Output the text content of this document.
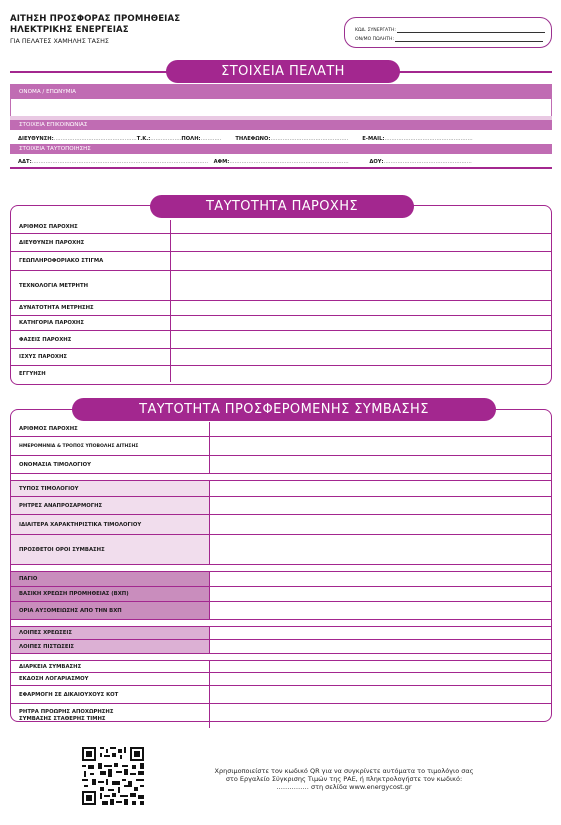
ΑΙΤΗΣΗ ΠΡΟΣΦΟΡΑΣ ΠΡΟΜΗΘΕΙΑΣ
ΗΛΕΚΤΡΙΚΗΣ ΕΝΕΡΓΕΙΑΣ
ΓΙΑ ΠΕΛΑΤΕΣ ΧΑΜΗΛΗΣ ΤΑΣΗΣ
ΚΩΔ. ΣΥΝΕΡΓΑΤΗ:
ΟΝ/ΜΟ ΠΩΛΗΤΗ:
ΣΤΟΙΧΕΙΑ ΠΕΛΑΤΗ
ΟΝΟΜΑ / ΕΠΩΝΥΜΙΑ
ΣΤΟΙΧΕΙΑ ΕΠΙΚΟΙΝΩΝΙΑΣ
ΔΙΕΥΘΥΝΣΗ: ………………………………………… Τ.Κ.: ……………… ΠΟΛΗ: …………	ΤΗΛΕΦΩΝΟ: ………………………………………	E-MAIL: ……………………………………………
ΣΤΟΙΧΕΙΑ ΤΑΥΤΟΠΟΙΗΣΗΣ
ΑΔΤ: ………………………………………………………………………………………… ΑΦΜ: ……………………………………………………………	ΔΟΥ: ……………………………………………
ΤΑΥΤΟΤΗΤΑ ΠΑΡΟΧΗΣ
ΑΡΙΘΜΟΣ ΠΑΡΟΧΗΣ
ΔΙΕΥΘΥΝΣΗ ΠΑΡΟΧΗΣ
ΓΕΩΠΛΗΡΟΦΟΡΙΑΚΟ ΣΤΙΓΜΑ
ΤΕΧΝΟΛΟΓΙΑ ΜΕΤΡΗΤΗ
ΔΥΝΑΤΟΤΗΤΑ ΜΕΤΡΗΣΗΣ
ΚΑΤΗΓΟΡΙΑ ΠΑΡΟΧΗΣ
ΦΑΣΕΙΣ ΠΑΡΟΧΗΣ
ΙΣΧΥΣ ΠΑΡΟΧΗΣ
ΕΓΓΥΗΣΗ
ΤΑΥΤΟΤΗΤΑ ΠΡΟΣΦΕΡΟΜΕΝΗΣ ΣΥΜΒΑΣΗΣ
ΑΡΙΘΜΟΣ ΠΑΡΟΧΗΣ
ΗΜΕΡΟΜΗΝΙΑ & ΤΡΟΠΟΣ ΥΠΟΒΟΛΗΣ ΑΙΤΗΣΗΣ
ΟΝΟΜΑΣΙΑ ΤΙΜΟΛΟΓΙΟΥ
ΤΥΠΟΣ ΤΙΜΟΛΟΓΙΟΥ
ΡΗΤΡΕΣ ΑΝΑΠΡΟΣΑΡΜΟΓΗΣ
ΙΔΙΑΙΤΕΡΑ ΧΑΡΑΚΤΗΡΙΣΤΙΚΑ ΤΙΜΟΛΟΓΙΟΥ
ΠΡΟΣΘΕΤΟΙ ΟΡΟΙ ΣΥΜΒΑΣΗΣ
ΠΑΓΙΟ
ΒΑΣΙΚΗ ΧΡΕΩΣΗ ΠΡΟΜΗΘΕΙΑΣ (ΒΧΠ)
ΟΡΙΑ ΑΥΞΟΜΕΙΩΣΗΣ ΑΠΟ ΤΗΝ ΒΧΠ
ΛΟΙΠΕΣ ΧΡΕΩΣΕΙΣ
ΛΟΙΠΕΣ ΠΙΣΤΩΣΕΙΣ
ΔΙΑΡΚΕΙΑ ΣΥΜΒΑΣΗΣ
ΕΚΔΟΣΗ ΛΟΓΑΡΙΑΣΜΟΥ
ΕΦΑΡΜΟΓΗ ΣΕ ΔΙΚΑΙΟΥΧΟΥΣ ΚΟΤ
ΡΗΤΡΑ ΠΡΟΩΡΗΣ ΑΠΟΧΩΡΗΣΗΣ
ΣΥΜΒΑΣΗΣ ΣΤΑΘΕΡΗΣ ΤΙΜΗΣ
Χρησιμοποιείστε τον κωδικό QR για να συγκρίνετε αυτόματα το τιμολόγιο σας
στο Εργαλείο Σύγκρισης Τιμών της ΡΑΕ, ή πληκτρολογήστε τον κωδικό:
…………… στη σελίδα www.energycost.gr
